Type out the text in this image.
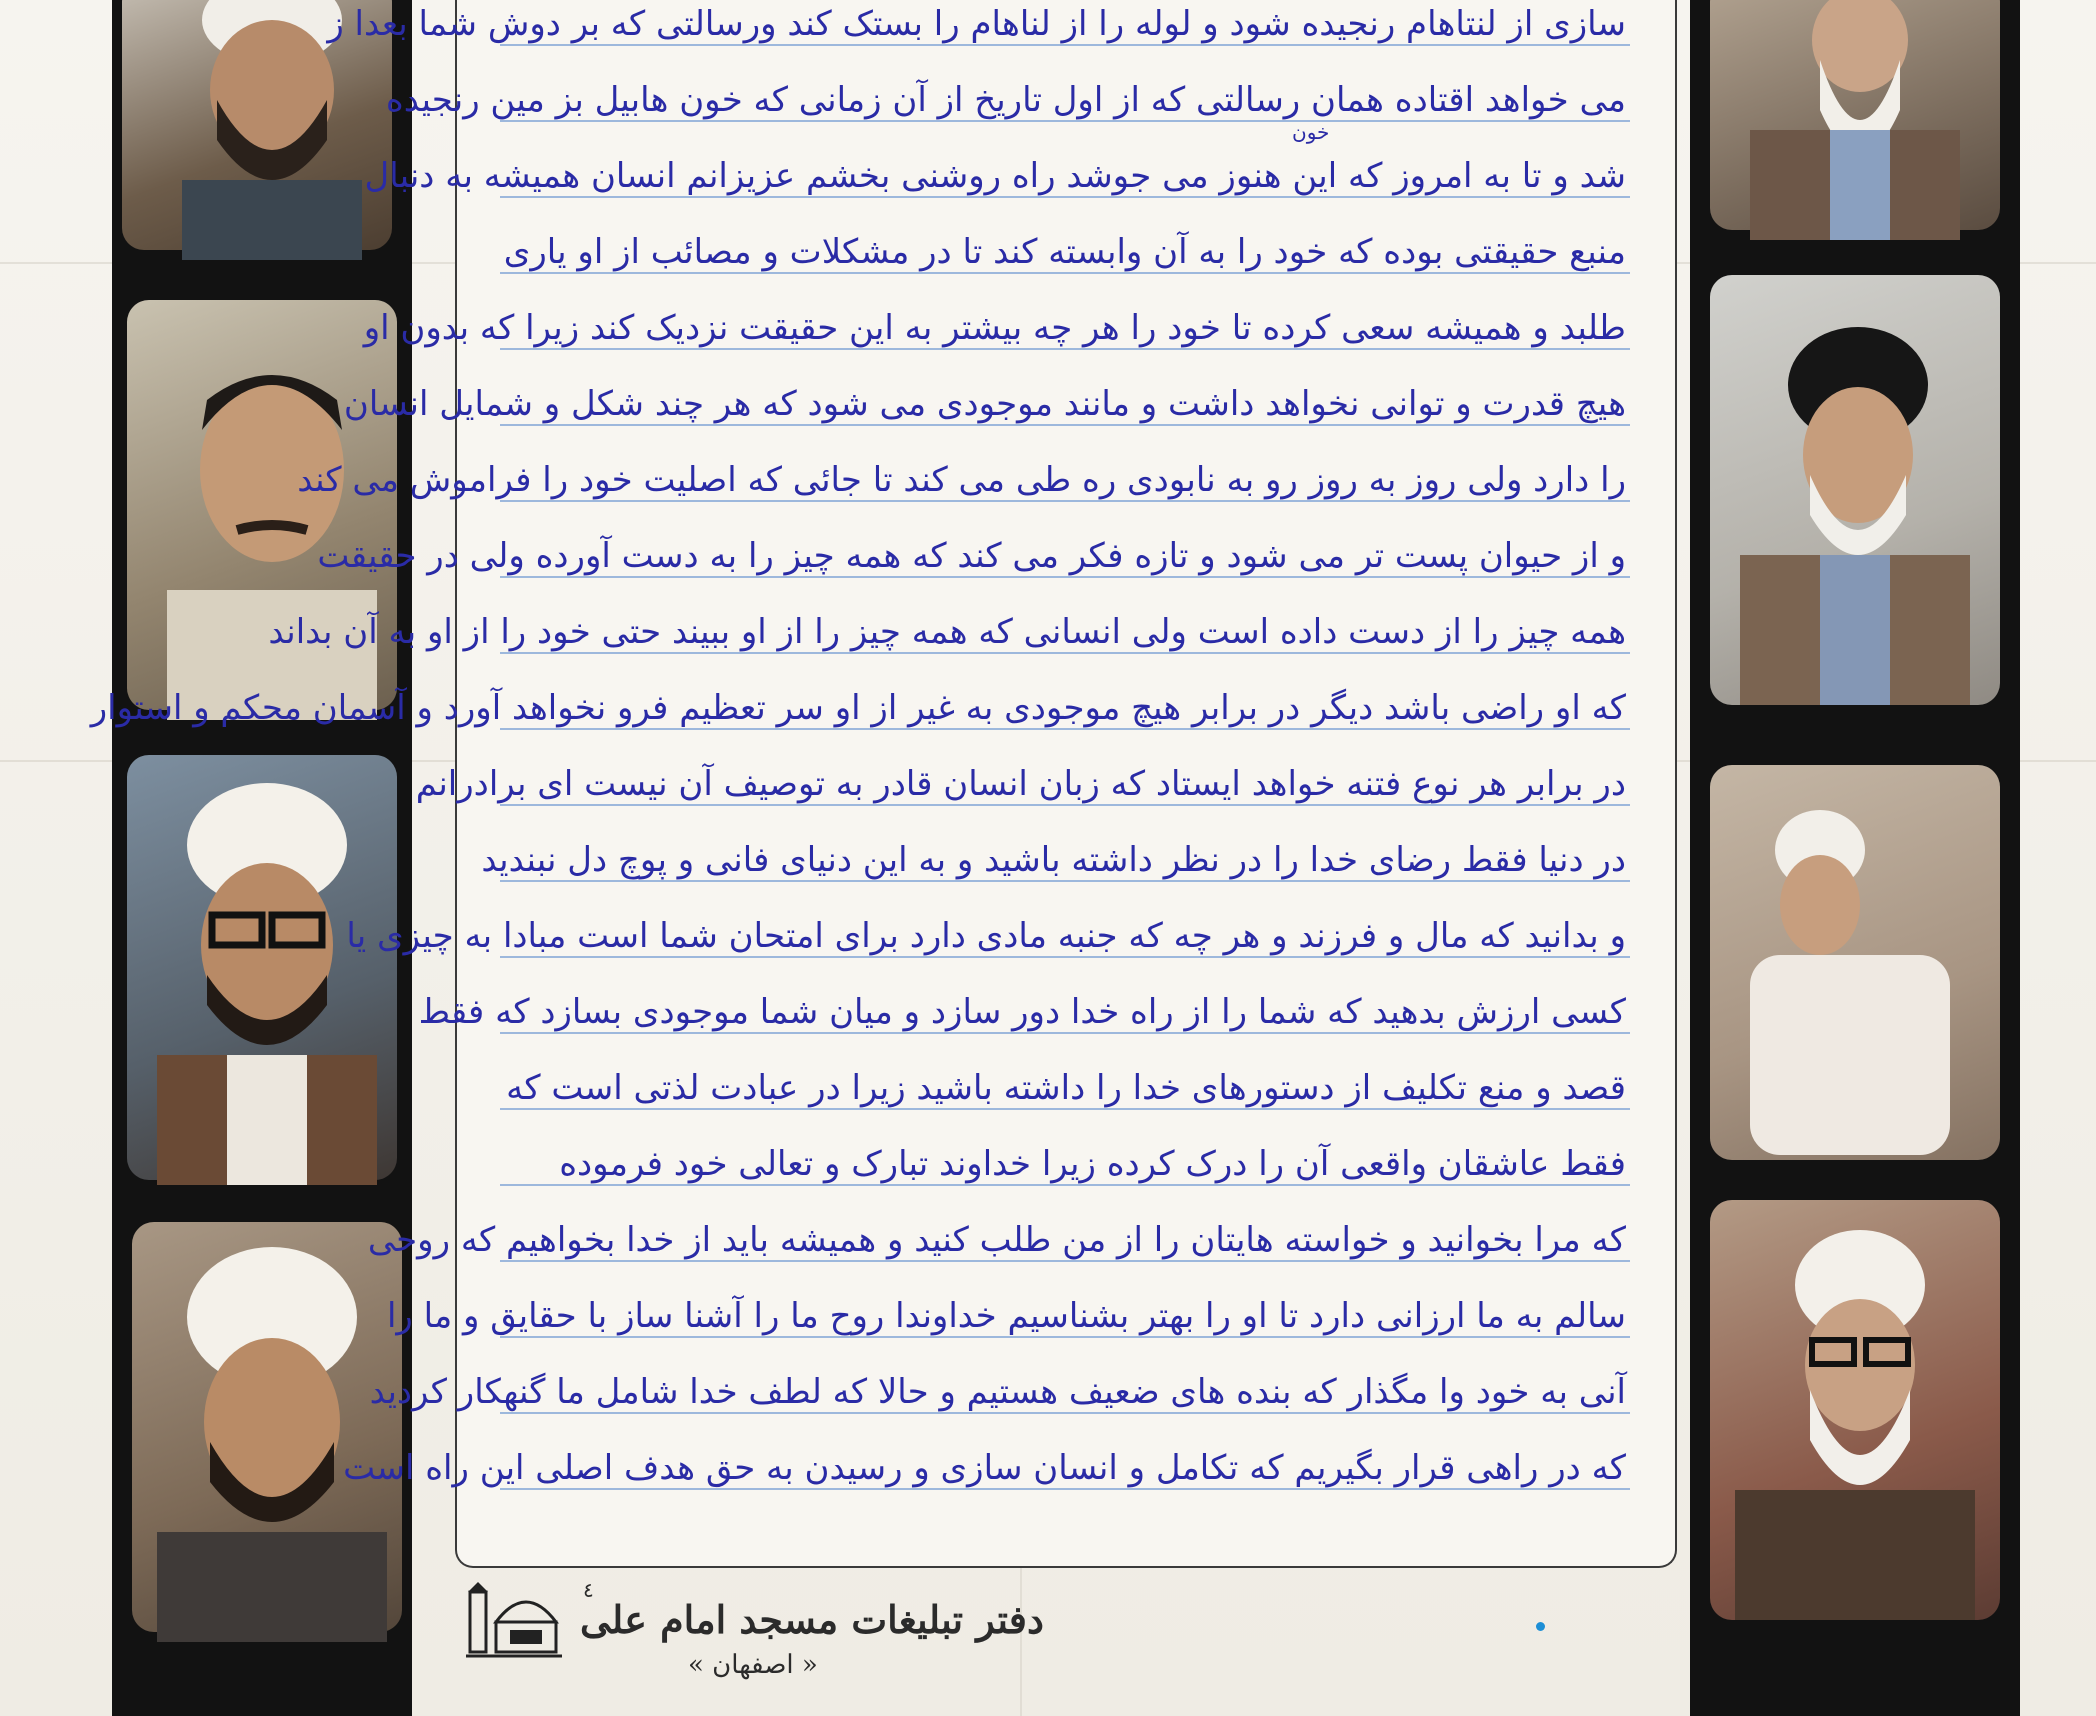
خون
سازی از لنتاهام رنجیده شود و لوله را از لناهام را بستک کند ورسالتی که بر دوش شما بعدا ز
می خواهد اقتاده همان رسالتی که از اول تاریخ از آن زمانی که خون هابیل بز مین رنجیده
شد و تا به امروز که این هنوز می جوشد راه روشنی بخشم عزیزانم انسان همیشه به دنبال
منبع حقیقتی بوده که خود را به آن وابسته کند تا در مشکلات و مصائب از او یاری
طلبد و همیشه سعی کرده تا خود را هر چه بیشتر به این حقیقت نزدیک کند زیرا که بدون او
هیچ قدرت و توانی نخواهد داشت و مانند موجودی می شود که هر چند شکل و شمایل انسان
را دارد ولی روز به روز رو به نابودی ره طی می کند تا جائی که اصلیت خود را فراموش می کند
و از حیوان پست تر می شود و تازه فکر می کند که همه چیز را به دست آورده ولی در حقیقت
همه چیز را از دست داده است ولی انسانی که همه چیز را از او ببیند حتی خود را از او به آن بداند
که او راضی باشد دیگر در برابر هیچ موجودی به غیر از او سر تعظیم فرو نخواهد آورد و آسمان محکم و استوار
در برابر هر نوع فتنه خواهد ایستاد که زبان انسان قادر به توصیف آن نیست ای برادرانم
در دنیا فقط رضای خدا را در نظر داشته باشید و به این دنیای فانی و پوچ دل نبندید
و بدانید که مال و فرزند و هر چه که جنبه مادی دارد برای امتحان شما است مبادا به چیزی یا
کسی ارزش بدهید که شما را از راه خدا دور سازد و میان شما موجودی بسازد که فقط
قصد و منع تکلیف از دستورهای خدا را داشته باشید زیرا در عبادت لذتی است که
فقط عاشقان واقعی آن را درک کرده زیرا خداوند تبارک و تعالی خود فرموده
که مرا بخوانید و خواسته هایتان را از من طلب کنید و همیشه باید از خدا بخواهیم که روحی
سالم به ما ارزانی دارد تا او را بهتر بشناسیم خداوندا روح ما را آشنا ساز با حقایق و ما را
آنی به خود وا مگذار که بنده های ضعیف هستیم و حالا که لطف خدا شامل ما گنهکار کردید
که در راهی قرار بگیریم که تکامل و انسان سازی و رسیدن به حق هدف اصلی این راه است
٤
دفتر تبلیغات مسجد امام علی
« اصفهان »
